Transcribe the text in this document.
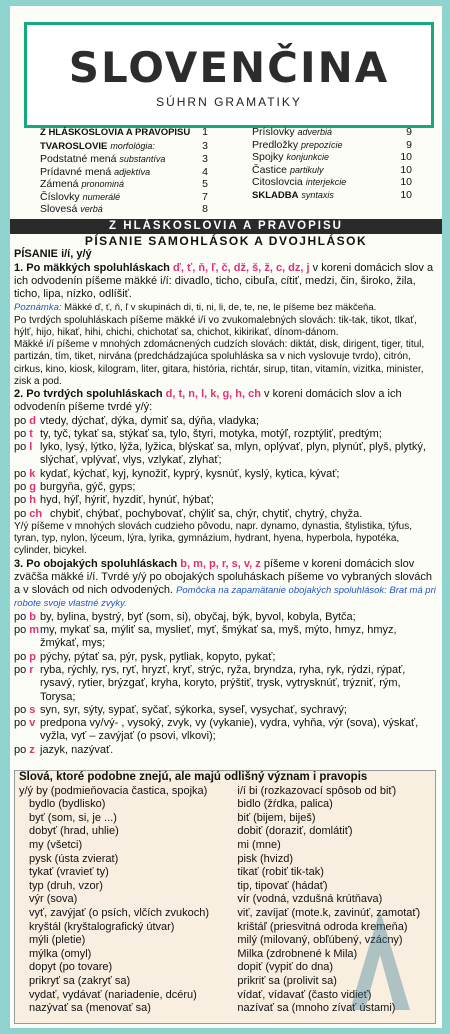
SLOVENČINA
SÚHRN GRAMATIKY
Z HLÁSKOSLOVIA A PRAVOPISU	1
TVAROSLOVIE morfológia:	3
Podstatné mená substantíva	3
Prídavné mená adjektíva	4
Zámená pronominá	5
Číslovky numerálé	7
Slovesá verbá	8
Príslovky adverbiá	9
Predložky prepozície	9
Spojky konjunkcie	10
Častice partikuly	10
Citoslovcia interjekcie	10
SKLADBA syntaxis	10
Z HLÁSKOSLOVIA A PRAVOPISU
PÍSANIE SAMOHLÁSOK A DVOJHLÁSOK
PÍSANIE i/í, y/ý
1. Po mäkkých spoluhláskach ď, ť, ň, ľ, č, dž, š, ž, c, dz, j v koreni domácich slov a ich odvodenín píšeme mäkké i/í: divadlo, ticho, cibuľa, cítiť, medzi, čin, široko, žila, ticho, lipa, nízko, odlíšiť.
Poznámka: Mäkké ď, ť, ň, ľ v skupinách di, ti, ni, li, de, te, ne, le píšeme bez mäkčeňa.
Po tvrdých spoluhláskach píšeme mäkké i/í vo zvukomalebných slovách: tik-tak, tikot, tlkať, hýlť, hijo, hikať, hihi, chichi, chichotať sa, chichot, kikirikať, dínom-dánom.
Mäkké i/í píšeme v mnohých zdomácnených cudzích slovách: diktát, disk, dirigent, tiger, titul, partizán, tím, tiket, nirvána (predchádzajúca spoluhláska sa v nich vyslovuje tvrdo), citrón, cirkus, kino, kiosk, kilogram, liter, gitara, história, richtár, sirup, titan, vitamín, vizitka, minister, zisk a pod.
2. Po tvrdých spoluhláskach d, t, n, l, k, g, h, ch v koreni domácich slov a ich odvodenín píšeme tvrdé y/ý:
po d vtedy, dýchať, dýka, dymiť sa, dýňa, vladyka;
po t ty, tyč, tykať sa, stýkať sa, tylo, štyri, motyka, motýľ, rozptýliť, predtým;
po l lyko, lysý, lýtko, lýža, lyžica, blýskať sa, mlyn, oplývať, plyn, plynúť, plyš, plytký, slýchať, vplývať, vlys, vzlykať, zlyhať;
po k kydať, kýchať, kyj, kynožiť, kyprý, kysnúť, kyslý, kytica, kývať;
po g burgyňa, gýč, gyps;
po h hyd, hýľ, hýriť, hyzdiť, hynúť, hýbať;
po ch chybiť, chýbať, pochybovať, chýliť sa, chýr, chytiť, chytrý, chyža.
Y/ý píšeme v mnohých slovách cudzieho pôvodu, napr. dynamo, dynastia, štylistika, týfus, tyran, typ, nylon, lýceum, lýra, lyrika, gymnázium, hydrant, hyena, hyperbola, hypotéka, cylinder, bicykel.
3. Po obojakých spoluhláskach b, m, p, r, s, v, z píšeme v koreni domácich slov zväčša mäkké i/í. Tvrdé y/ý po obojakých spoluháskach píšeme vo vybraných slovách a v slovách od nich odvodených. Pomôcka na zapamätanie obojakých spoluhlások: Brat má pri robote svoje vlastné zvyky.
po b by, bylina, bystrý, byť (som, si), obyčaj, býk, byvol, kobyla, Bytča;
po m my, mykať sa, mýliť sa, myslieť, myť, šmýkať sa, myš, mýto, hmyz, hmyz, žmýkať, mys;
po p pýchy, pýtať sa, pýr, pysk, pytliak, kopyto, pykať;
po r ryba, rýchly, rys, ryť, hryzť, kryť, strýc, ryža, bryndza, ryha, ryk, rýdzi, rýpať, rysavý, rytier, brýzgať, kryha, koryto, prýštiť, trysk, vytrysknúť, trýzniť, rým, Torysa;
po s syn, syr, sýty, sypať, syčať, sýkorka, syseľ, vysychať, sychravý;
po v predpona vy/vý- , vysoký, zvyk, vy (vykanie), vydra, vyhňa, výr (sova), výskať, vyžla, vyť – zavýjať (o psovi, vlkovi);
po z jazyk, nazývať.
Slová, ktoré podobne znejú, ale majú odlišný význam i pravopis
y/ý by (podmieňovacia častica, spojka)	i/í bi (rozkazovací spôsob od biť)
bydlo (bydlisko)	bidlo (žŕdka, palica)
byť (som, si, je ...)	biť (bijem, biješ)
dobyť (hrad, uhlie)	dobiť (doraziť, domlátiť)
my (všetci)	mi (mne)
pysk (ústa zvierat)	pisk (hvizd)
tykať (vravieť ty)	tikať (robiť tik-tak)
typ (druh, vzor)	tip, tipovať (hádať)
výr (sova)	vír (vodná, vzdušná krútňava)
vyť, zavýjať (o psích, vlčích zvukoch)	viť, zavíjať (mote.k, zavinúť, zamotať)
kryštál (kryštalografický útvar)	krištáľ (priesvitná odroda kremeňa)
mýli (pletie)	milý (milovaný, obľúbený, vzácny)
mýlka (omyl)	Milka (zdrobnené k Mila)
dopyt (po tovare)	dopiť (vypiť do dna)
prikryť sa (zakryť sa)	prikriť sa (prolivit sa)
vydať, vydávať (nariadenie, dcéru)	vídať, vídavať (často vidieť)
nazývať sa (menovať sa)	nazívať sa (mnoho zívať ústami)
